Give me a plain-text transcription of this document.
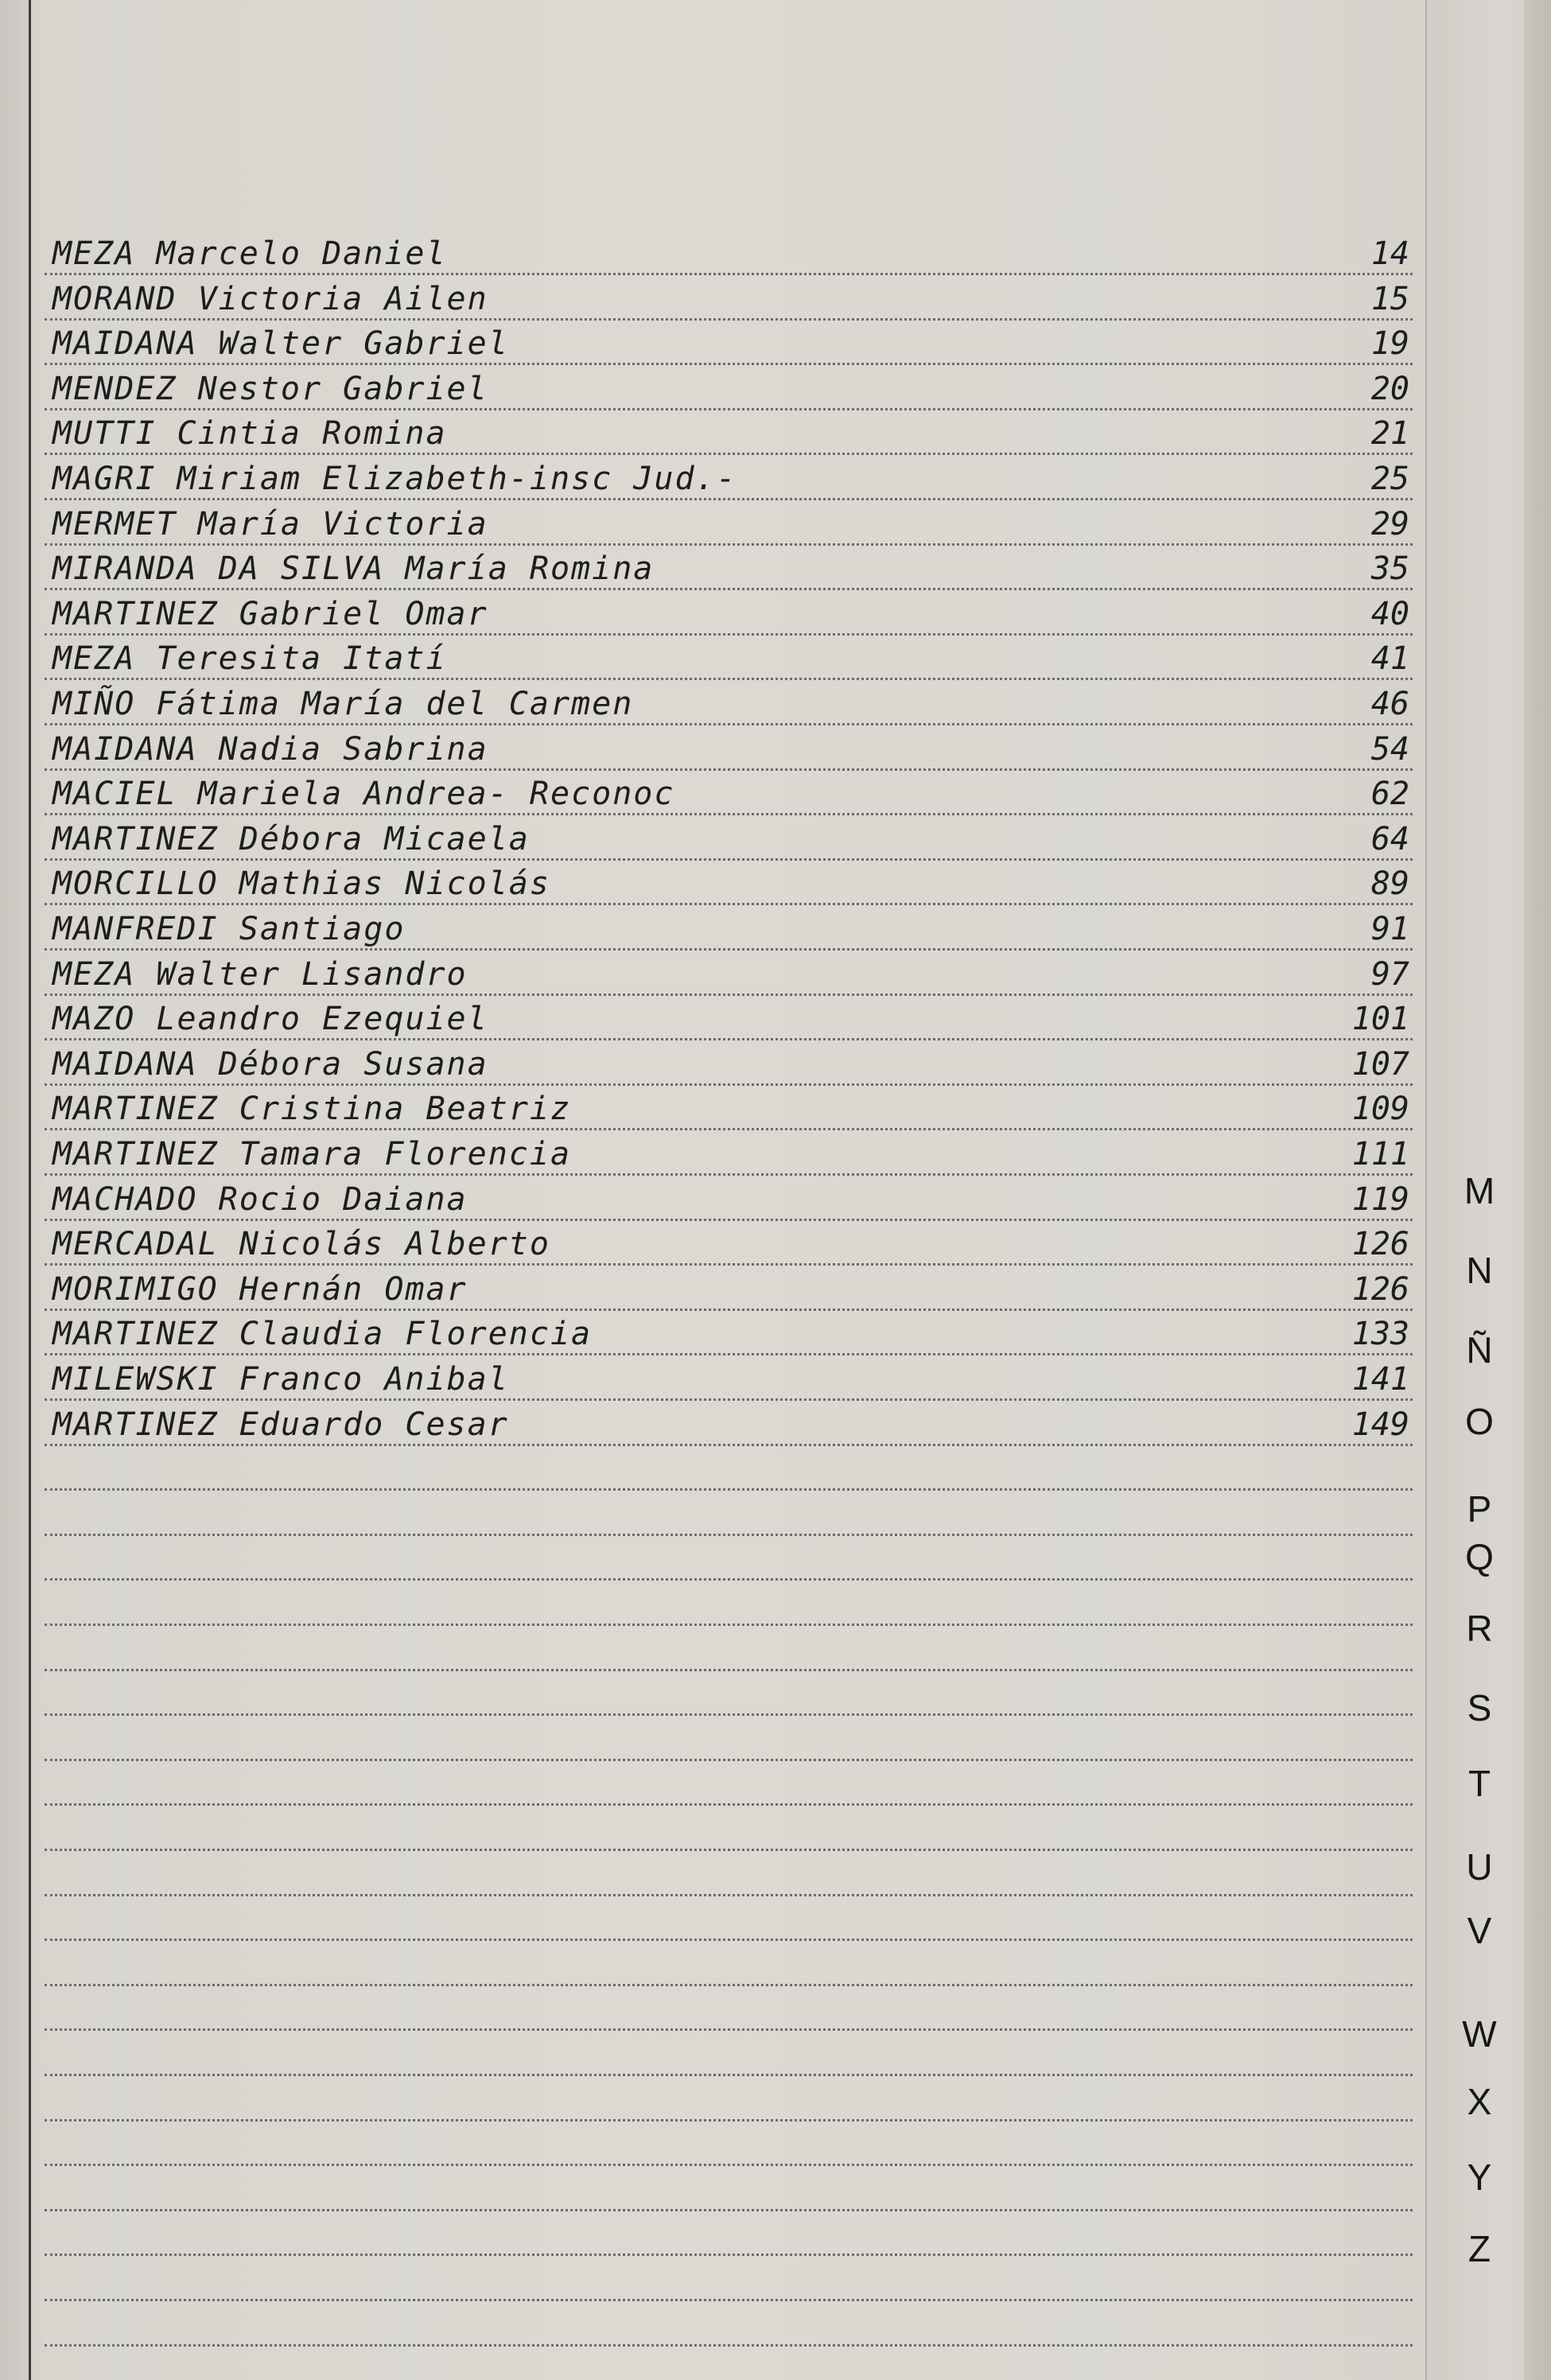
MEZA Marcelo Daniel	14
MORAND Victoria Ailen	15
MAIDANA Walter Gabriel	19
MENDEZ Nestor Gabriel	20
MUTTI Cintia Romina	21
MAGRI Miriam Elizabeth-insc Jud.-	25
MERMET María Victoria	29
MIRANDA DA SILVA María Romina	35
MARTINEZ Gabriel Omar	40
MEZA Teresita Itatí	41
MIÑO Fátima María del Carmen	46
MAIDANA Nadia Sabrina	54
MACIEL Mariela Andrea- Reconoc	62
MARTINEZ Débora Micaela	64
MORCILLO Mathias Nicolás	89
MANFREDI Santiago	91
MEZA Walter Lisandro	97
MAZO Leandro Ezequiel	101
MAIDANA Débora Susana	107
MARTINEZ Cristina Beatriz	109
MARTINEZ Tamara Florencia	111
MACHADO Rocio Daiana	119
MERCADAL Nicolás Alberto	126
MORIMIGO Hernán Omar	126
MARTINEZ Claudia Florencia	133
MILEWSKI Franco Anibal	141
MARTINEZ Eduardo Cesar	149
M
N
Ñ
O
P
Q
R
S
T
U
V
W
X
Y
Z
